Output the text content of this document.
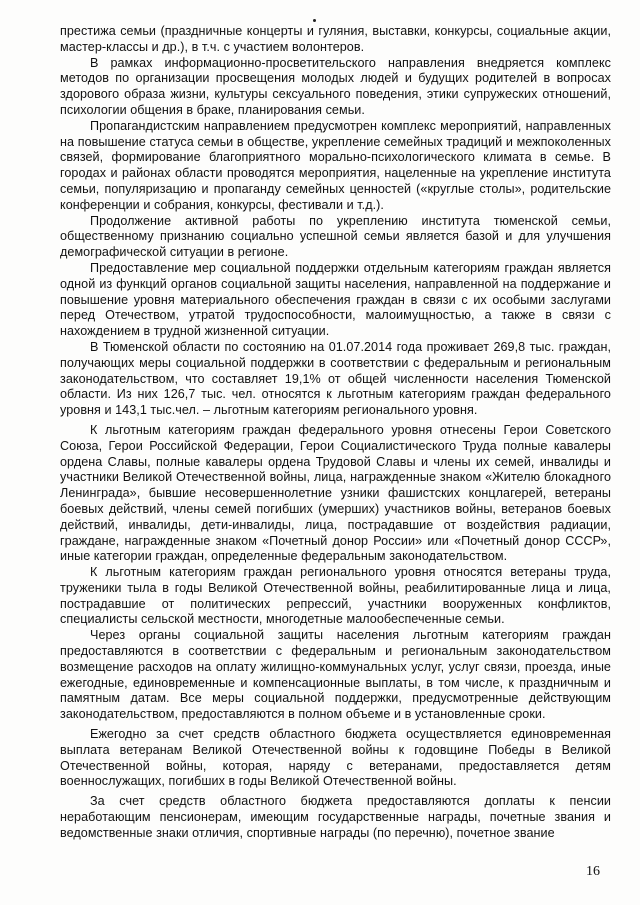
престижа семьи (праздничные концерты и гуляния, выставки, конкурсы, социальные акции, мастер-классы и др.), в т.ч. с участием волонтеров.

В рамках информационно-просветительского направления внедряется комплекс методов по организации просвещения молодых людей и будущих родителей в вопросах здорового образа жизни, культуры сексуального поведения, этики супружеских отношений, психологии общения в браке, планирования семьи.

Пропагандистским направлением предусмотрен комплекс мероприятий, направленных на повышение статуса семьи в обществе, укрепление семейных традиций и межпоколенных связей, формирование благоприятного морально-психологического климата в семье. В городах и районах области проводятся мероприятия, нацеленные на укрепление института семьи, популяризацию и пропаганду семейных ценностей («круглые столы», родительские конференции и собрания, конкурсы, фестивали и т.д.).

Продолжение активной работы по укреплению института тюменской семьи, общественному признанию социально успешной семьи является базой и для улучшения демографической ситуации в регионе.

Предоставление мер социальной поддержки отдельным категориям граждан является одной из функций органов социальной защиты населения, направленной на поддержание и повышение уровня материального обеспечения граждан в связи с их особыми заслугами перед Отечеством, утратой трудоспособности, малоимущностью, а также в связи с нахождением в трудной жизненной ситуации.

В Тюменской области по состоянию на 01.07.2014 года проживает 269,8 тыс. граждан, получающих меры социальной поддержки в соответствии с федеральным и региональным законодательством, что составляет 19,1% от общей численности населения Тюменской области. Из них 126,7 тыс. чел. относятся к льготным категориям граждан федерального уровня и 143,1 тыс.чел. – льготным категориям регионального уровня.

К льготным категориям граждан федерального уровня отнесены Герои Советского Союза, Герои Российской Федерации, Герои Социалистического Труда полные кавалеры ордена Славы, полные кавалеры ордена Трудовой Славы и члены их семей, инвалиды и участники Великой Отечественной войны, лица, награжденные знаком «Жителю блокадного Ленинграда», бывшие несовершеннолетние узники фашистских концлагерей, ветераны боевых действий, члены семей погибших (умерших) участников войны, ветеранов боевых действий, инвалиды, дети-инвалиды, лица, пострадавшие от воздействия радиации, граждане, награжденные знаком «Почетный донор России» или «Почетный донор СССР», иные категории граждан, определенные федеральным законодательством.

К льготным категориям граждан регионального уровня относятся ветераны труда, труженики тыла в годы Великой Отечественной войны, реабилитированные лица и лица, пострадавшие от политических репрессий, участники вооруженных конфликтов, специалисты сельской местности, многодетные малообеспеченные семьи.

Через органы социальной защиты населения льготным категориям граждан предоставляются в соответствии с федеральным и региональным законодательством возмещение расходов на оплату жилищно-коммунальных услуг, услуг связи, проезда, иные ежегодные, единовременные и компенсационные выплаты, в том числе, к праздничным и памятным датам. Все меры социальной поддержки, предусмотренные действующим законодательством, предоставляются в полном объеме и в установленные сроки.

Ежегодно за счет средств областного бюджета осуществляется единовременная выплата ветеранам Великой Отечественной войны к годовщине Победы в Великой Отечественной войны, которая, наряду с ветеранами, предоставляется детям военнослужащих, погибших в годы Великой Отечественной войны.

За счет средств областного бюджета предоставляются доплаты к пенсии неработающим пенсионерам, имеющим государственные награды, почетные звания и ведомственные знаки отличия, спортивные награды (по перечню), почетное звание

16
